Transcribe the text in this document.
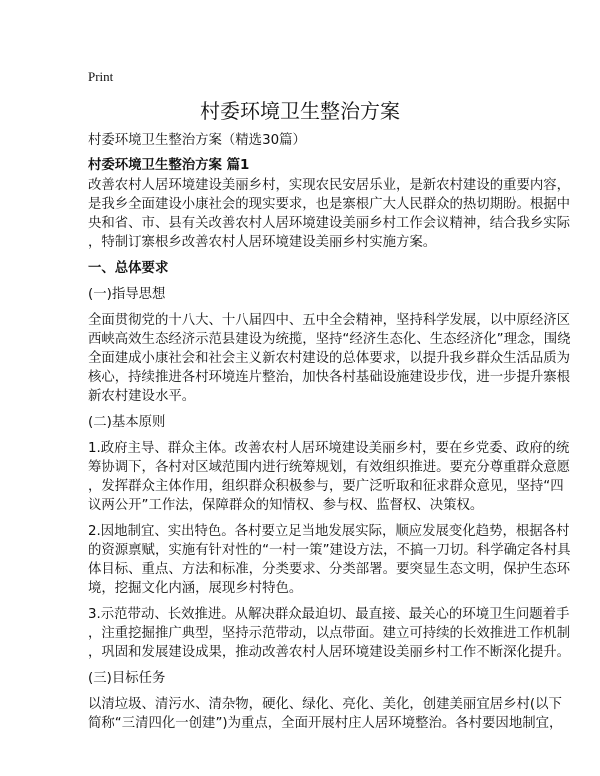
Print
村委环境卫生整治方案
村委环境卫生整治方案（精选30篇）
村委环境卫生整治方案 篇1
改善农村人居环境建设美丽乡村，实现农民安居乐业，是新农村建设的重要内容，
是我乡全面建设小康社会的现实要求，也是寨根广大人民群众的热切期盼。根据中
央和省、市、县有关改善农村人居环境建设美丽乡村工作会议精神，结合我乡实际
，特制订寨根乡改善农村人居环境建设美丽乡村实施方案。
一、总体要求
(一)指导思想
全面贯彻党的十八大、十八届四中、五中全会精神，坚持科学发展，以中原经济区
西峡高效生态经济示范县建设为统揽，坚持“经济生态化、生态经济化”理念，围绕
全面建成小康社会和社会主义新农村建设的总体要求，以提升我乡群众生活品质为
核心，持续推进各村环境连片整治，加快各村基础设施建设步伐，进一步提升寨根
新农村建设水平。
(二)基本原则
1.政府主导、群众主体。改善农村人居环境建设美丽乡村，要在乡党委、政府的统
筹协调下，各村对区域范围内进行统筹规划，有效组织推进。要充分尊重群众意愿
，发挥群众主体作用，组织群众积极参与，要广泛听取和征求群众意见，坚持“四
议两公开”工作法，保障群众的知情权、参与权、监督权、决策权。
2.因地制宜、实出特色。各村要立足当地发展实际，顺应发展变化趋势，根据各村
的资源禀赋，实施有针对性的“一村一策”建设方法，不搞一刀切。科学确定各村具
体目标、重点、方法和标准，分类要求、分类部署。要突显生态文明，保护生态环
境，挖掘文化内涵，展现乡村特色。
3.示范带动、长效推进。从解决群众最迫切、最直接、最关心的环境卫生问题着手
，注重挖掘推广典型，坚持示范带动，以点带面。建立可持续的长效推进工作机制
，巩固和发展建设成果，推动改善农村人居环境建设美丽乡村工作不断深化提升。
(三)目标任务
以清垃圾、清污水、清杂物，硬化、绿化、亮化、美化，创建美丽宜居乡村(以下
简称“三清四化一创建”)为重点，全面开展村庄人居环境整治。各村要因地制宜，
